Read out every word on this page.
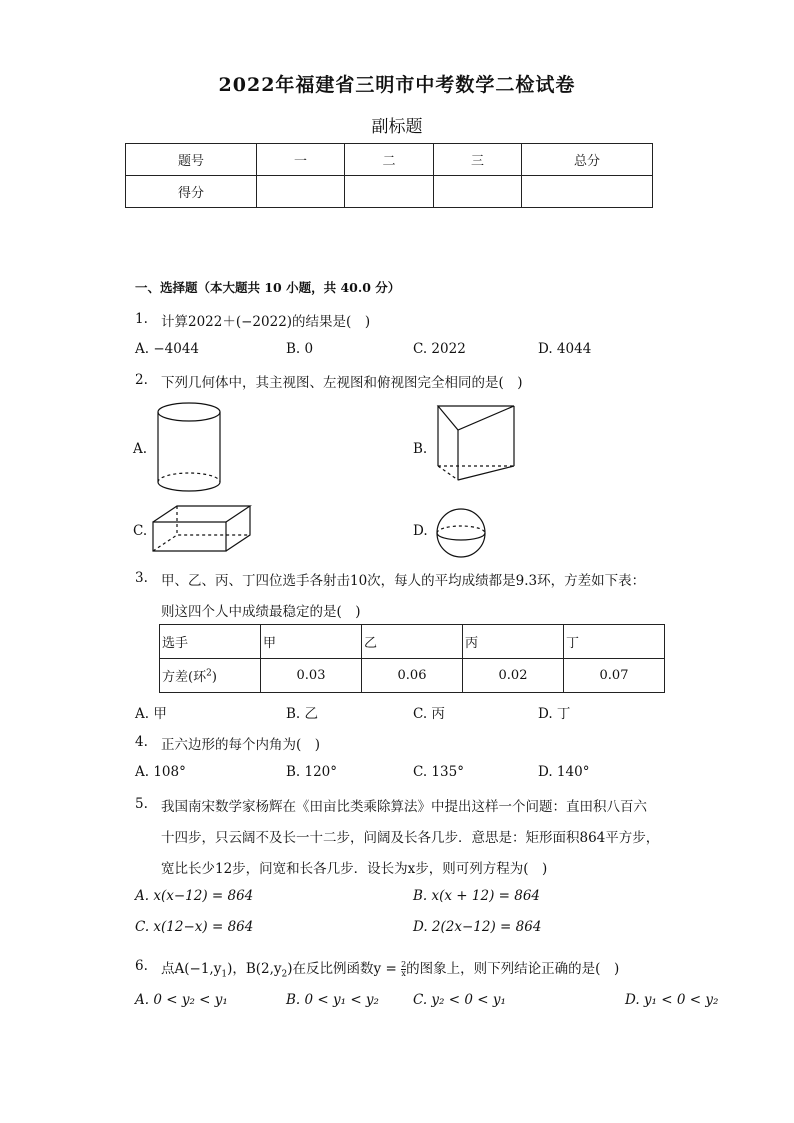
2022年福建省三明市中考数学二检试卷
副标题
题号	一	二	三	总分
得分				
一、选择题（本大题共 10 小题，共 40.0 分）
1. 计算2022＋(−2022)的结果是(　)
A. −4044	B. 0	C. 2022	D. 4044
2. 下列几何体中，其主视图、左视图和俯视图完全相同的是(　)
A.	B.
C.	D.
3. 甲、乙、丙、丁四位选手各射击10次，每人的平均成绩都是9.3环，方差如下表：
则这四个人中成绩最稳定的是(　)
选手	甲	乙	丙	丁
方差(环$^2$)	0.03	0.06	0.02	0.07
A. 甲	B. 乙	C. 丙	D. 丁
4. 正六边形的每个内角为(　)
A. 108°	B. 120°	C. 135°	D. 140°
5. 我国南宋数学家杨辉在《田亩比类乘除算法》中提出这样一个问题：直田积八百六
十四步，只云阔不及长一十二步，问阔及长各几步．意思是：矩形面积864平方步，
宽比长少12步，问宽和长各几步．设长为x步，则可列方程为(　)
A. x(x−12) = 864	B. x(x + 12) = 864
C. x(12−x) = 864	D. 2(2x−12) = 864
6. 点$A(-1,y_1)$，$B(2,y_2)$在反比例函数$y = \frac{2}{x}$ 的图象上，则下列结论正确的是(　)
A. 0 < y₂ < y₁	B. 0 < y₁ < y₂	C. y₂ < 0 < y₁	D. y₁ < 0 < y₂
